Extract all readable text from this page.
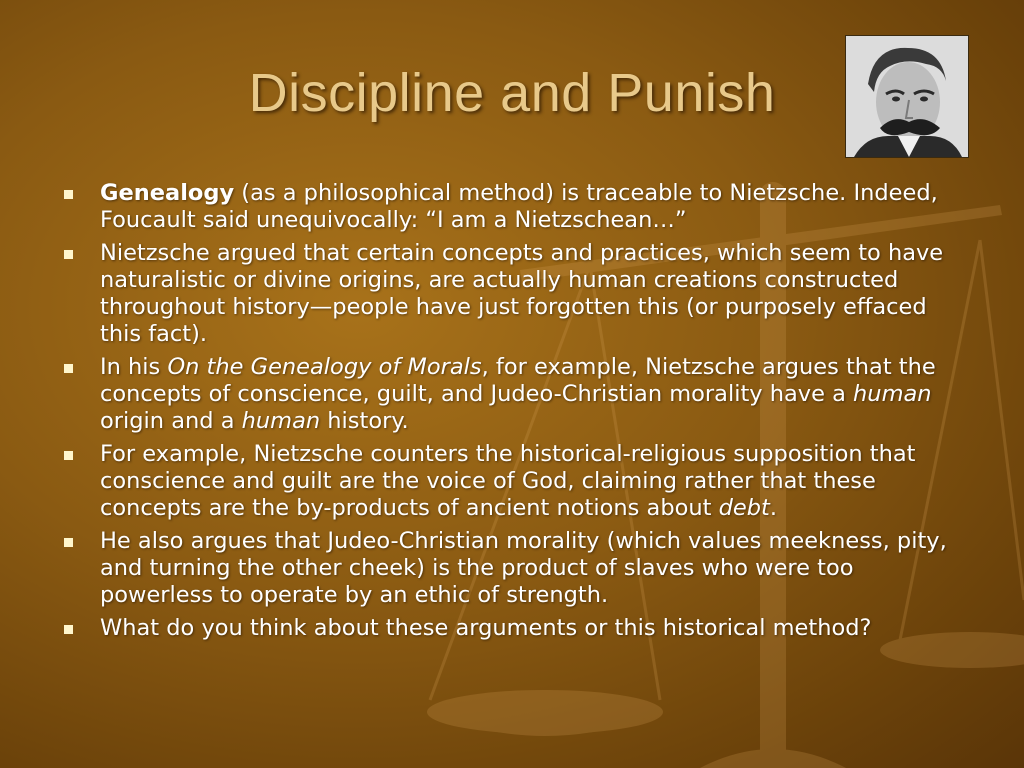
Discipline and Punish
Genealogy (as a philosophical method) is traceable to Nietzsche. Indeed, Foucault said unequivocally: “I am a Nietzschean…”
Nietzsche argued that certain concepts and practices, which seem to have naturalistic or divine origins, are actually human creations constructed throughout history—people have just forgotten this (or purposely effaced this fact).
In his On the Genealogy of Morals, for example, Nietzsche argues that the concepts of conscience, guilt, and Judeo-Christian morality have a human origin and a human history.
For example, Nietzsche counters the historical-religious supposition that conscience and guilt are the voice of God, claiming rather that these concepts are the by-products of ancient notions about debt.
He also argues that Judeo-Christian morality (which values meekness, pity, and turning the other cheek) is the product of slaves who were too powerless to operate by an ethic of strength.
What do you think about these arguments or this historical method?
